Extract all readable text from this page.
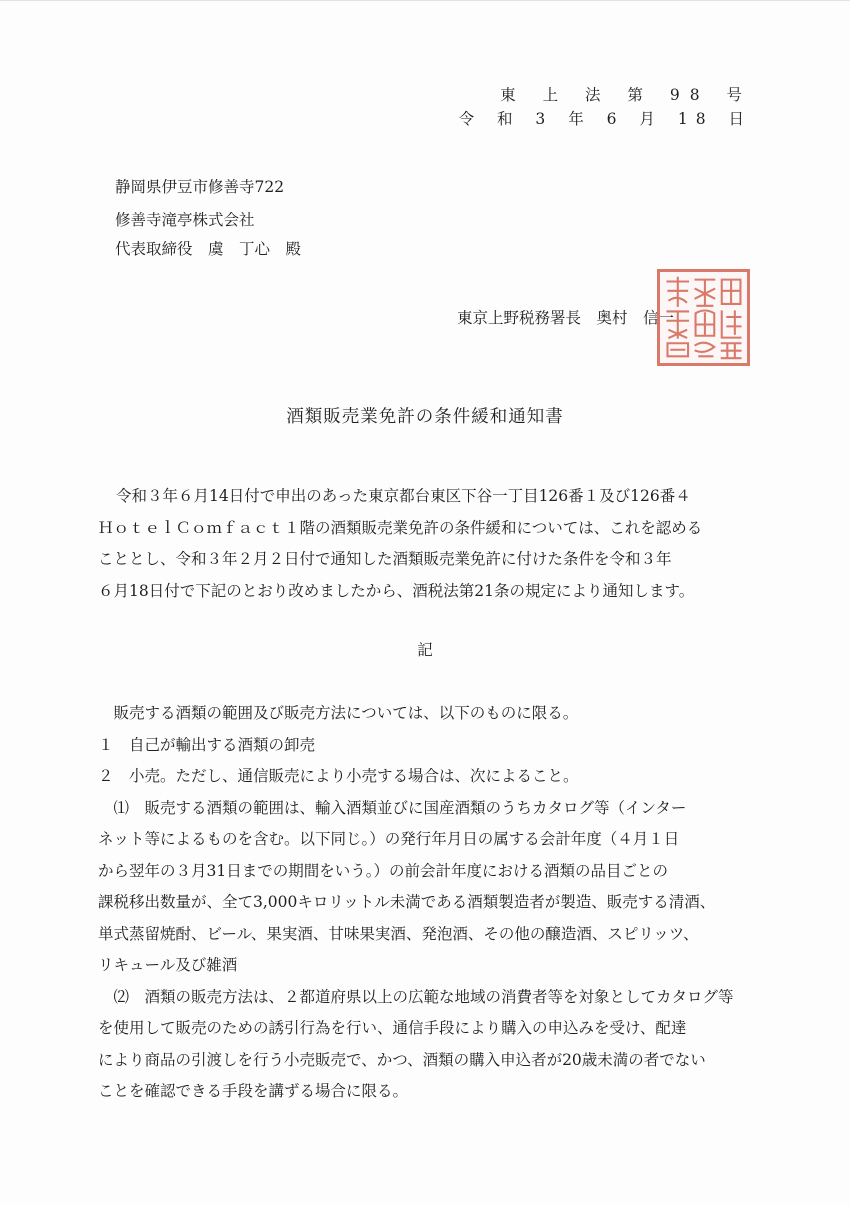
東 上 法 第 98 号

令 和 3 年 6 月 18 日

静岡県伊豆市修善寺722

修善寺滝亭株式会社

代表取締役　虞　丁心　殿

東京上野税務署長　奥村　信一

酒類販売業免許の条件緩和通知書

令和３年６月14日付で申出のあった東京都台東区下谷一丁目126番１及び126番４
ＨｏｔｅｌＣｏｍｆａｃｔ１階の酒類販売業免許の条件緩和については、これを認める
こととし、令和３年２月２日付で通知した酒類販売業免許に付けた条件を令和３年
６月18日付で下記のとおり改めましたから、酒税法第21条の規定により通知します。

記

　販売する酒類の範囲及び販売方法については、以下のものに限る。
１　自己が輸出する酒類の卸売
２　小売。ただし、通信販売により小売する場合は、次によること。
　⑴　販売する酒類の範囲は、輸入酒類並びに国産酒類のうちカタログ等（インター
ネット等によるものを含む。以下同じ。）の発行年月日の属する会計年度（４月１日
から翌年の３月31日までの期間をいう。）の前会計年度における酒類の品目ごとの
課税移出数量が、全て3,000キロリットル未満である酒類製造者が製造、販売する清酒、
単式蒸留焼酎、ビール、果実酒、甘味果実酒、発泡酒、その他の醸造酒、スピリッツ、
リキュール及び雑酒
　⑵　酒類の販売方法は、２都道府県以上の広範な地域の消費者等を対象としてカタログ等
を使用して販売のための誘引行為を行い、通信手段により購入の申込みを受け、配達
により商品の引渡しを行う小売販売で、かつ、酒類の購入申込者が20歳未満の者でない
ことを確認できる手段を講ずる場合に限る。
